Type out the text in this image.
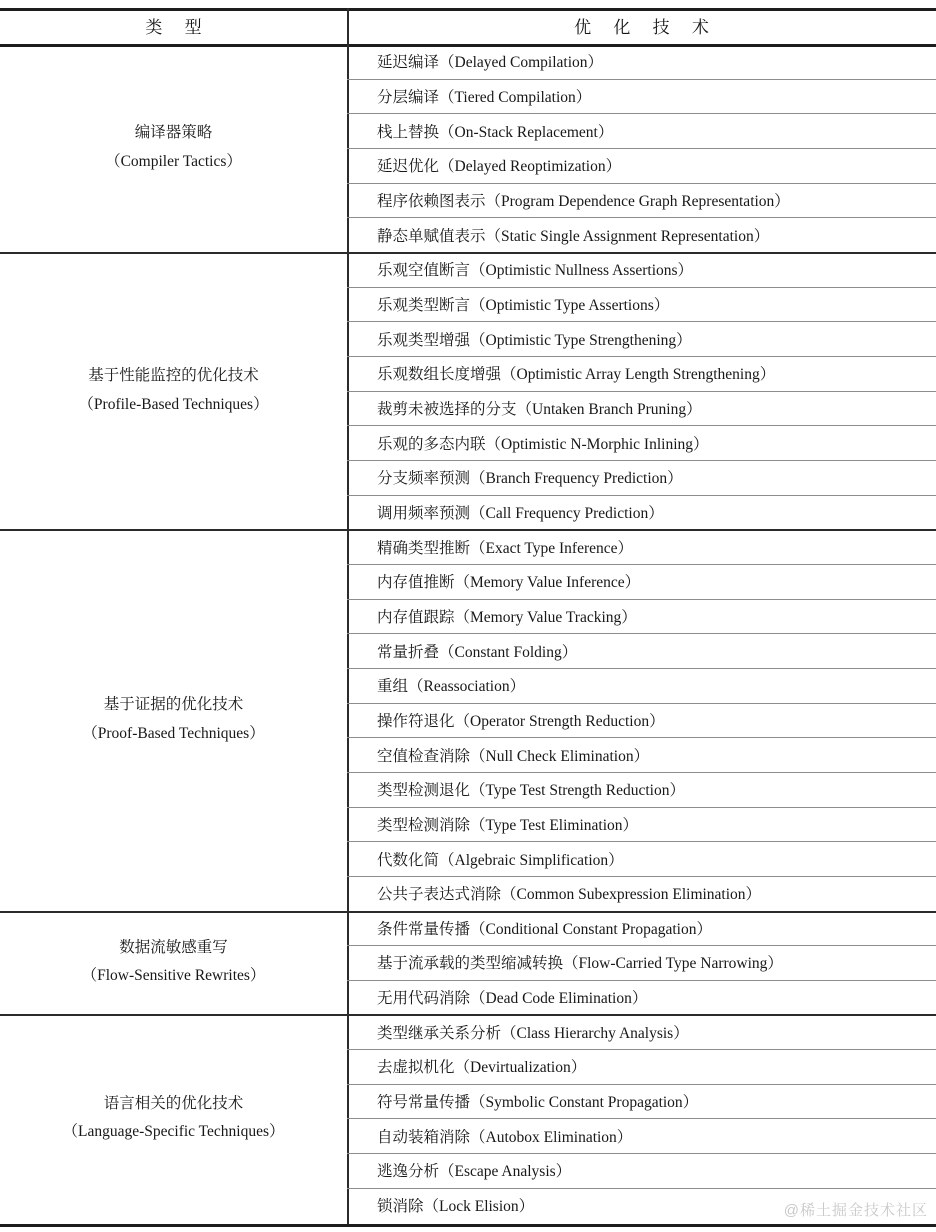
类 型	优 化 技 术
编译器策略
（Compiler Tactics）
延迟编译（Delayed Compilation）
分层编译（Tiered Compilation）
栈上替换（On-Stack Replacement）
延迟优化（Delayed Reoptimization）
程序依赖图表示（Program Dependence Graph Representation）
静态单赋值表示（Static Single Assignment Representation）
基于性能监控的优化技术
（Profile-Based Techniques）
乐观空值断言（Optimistic Nullness Assertions）
乐观类型断言（Optimistic Type Assertions）
乐观类型增强（Optimistic Type Strengthening）
乐观数组长度增强（Optimistic Array Length Strengthening）
裁剪未被选择的分支（Untaken Branch Pruning）
乐观的多态内联（Optimistic N-Morphic Inlining）
分支频率预测（Branch Frequency Prediction）
调用频率预测（Call Frequency Prediction）
基于证据的优化技术
（Proof-Based Techniques）
精确类型推断（Exact Type Inference）
内存值推断（Memory Value Inference）
内存值跟踪（Memory Value Tracking）
常量折叠（Constant Folding）
重组（Reassociation）
操作符退化（Operator Strength Reduction）
空值检查消除（Null Check Elimination）
类型检测退化（Type Test Strength Reduction）
类型检测消除（Type Test Elimination）
代数化简（Algebraic Simplification）
公共子表达式消除（Common Subexpression Elimination）
数据流敏感重写
（Flow-Sensitive Rewrites）
条件常量传播（Conditional Constant Propagation）
基于流承载的类型缩减转换（Flow-Carried Type Narrowing）
无用代码消除（Dead Code Elimination）
语言相关的优化技术
（Language-Specific Techniques）
类型继承关系分析（Class Hierarchy Analysis）
去虚拟机化（Devirtualization）
符号常量传播（Symbolic Constant Propagation）
自动装箱消除（Autobox Elimination）
逃逸分析（Escape Analysis）
锁消除（Lock Elision）	@稀土掘金技术社区
